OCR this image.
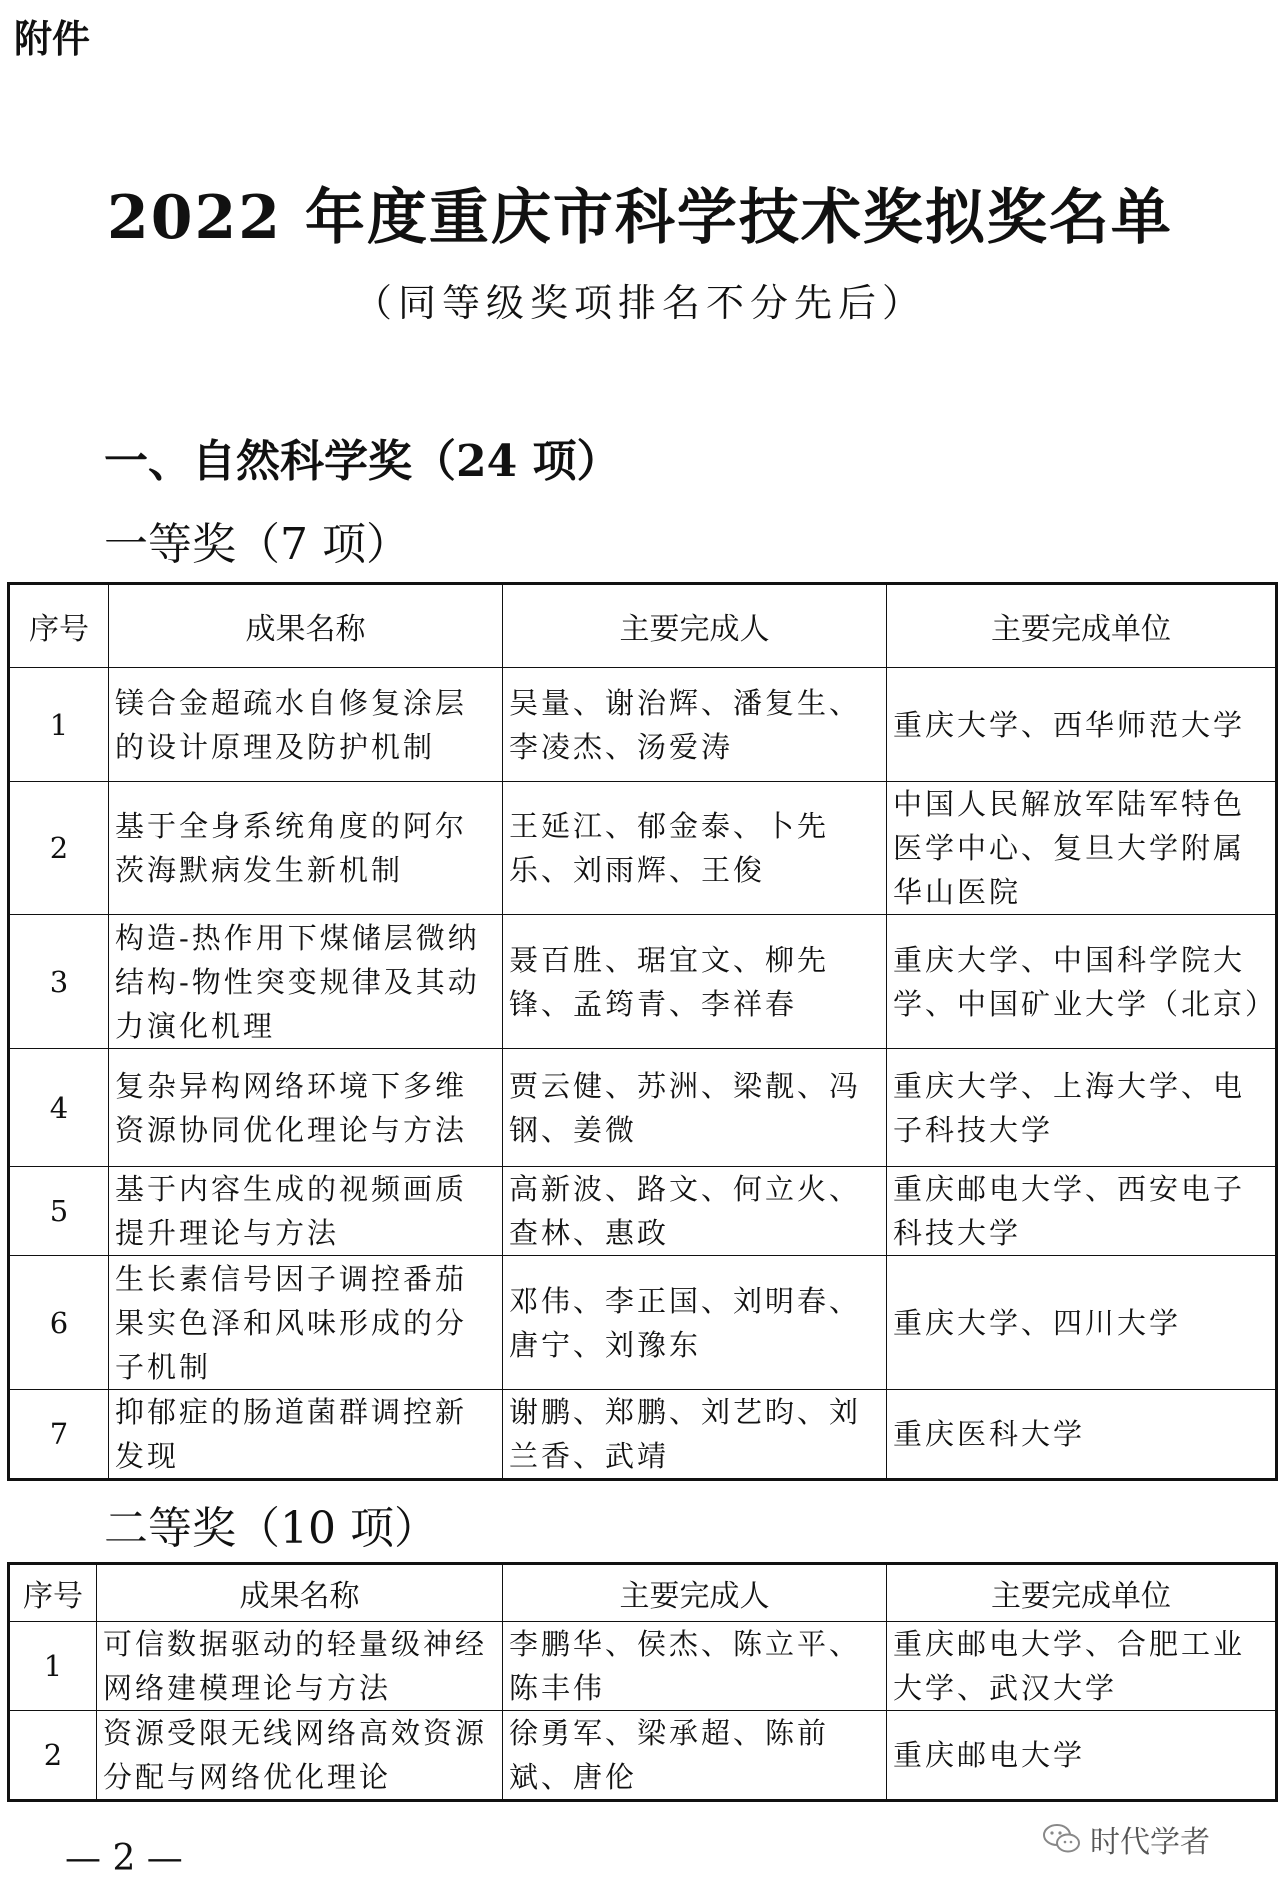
附件
2022 年度重庆市科学技术奖拟奖名单
（同等级奖项排名不分先后）
一、自然科学奖（24 项）
一等奖（7 项）
序号	成果名称	主要完成人	主要完成单位
1	镁合金超疏水自修复涂层的设计原理及防护机制	吴量、谢治辉、潘复生、李凌杰、汤爱涛	重庆大学、西华师范大学
2	基于全身系统角度的阿尔茨海默病发生新机制	王延江、郁金泰、卜先乐、刘雨辉、王俊	中国人民解放军陆军特色医学中心、复旦大学附属华山医院
3	构造-热作用下煤储层微纳结构-物性突变规律及其动力演化机理	聂百胜、琚宜文、柳先锋、孟筠青、李祥春	重庆大学、中国科学院大学、中国矿业大学（北京）
4	复杂异构网络环境下多维资源协同优化理论与方法	贾云健、苏洲、梁靓、冯钢、姜微	重庆大学、上海大学、电子科技大学
5	基于内容生成的视频画质提升理论与方法	高新波、路文、何立火、查林、惠政	重庆邮电大学、西安电子科技大学
6	生长素信号因子调控番茄果实色泽和风味形成的分子机制	邓伟、李正国、刘明春、唐宁、刘豫东	重庆大学、四川大学
7	抑郁症的肠道菌群调控新发现	谢鹏、郑鹏、刘艺昀、刘兰香、武靖	重庆医科大学
二等奖（10 项）
序号	成果名称	主要完成人	主要完成单位
1	可信数据驱动的轻量级神经网络建模理论与方法	李鹏华、侯杰、陈立平、陈丰伟	重庆邮电大学、合肥工业大学、武汉大学
2	资源受限无线网络高效资源分配与网络优化理论	徐勇军、梁承超、陈前斌、唐伦	重庆邮电大学
— 2 —	时代学者
